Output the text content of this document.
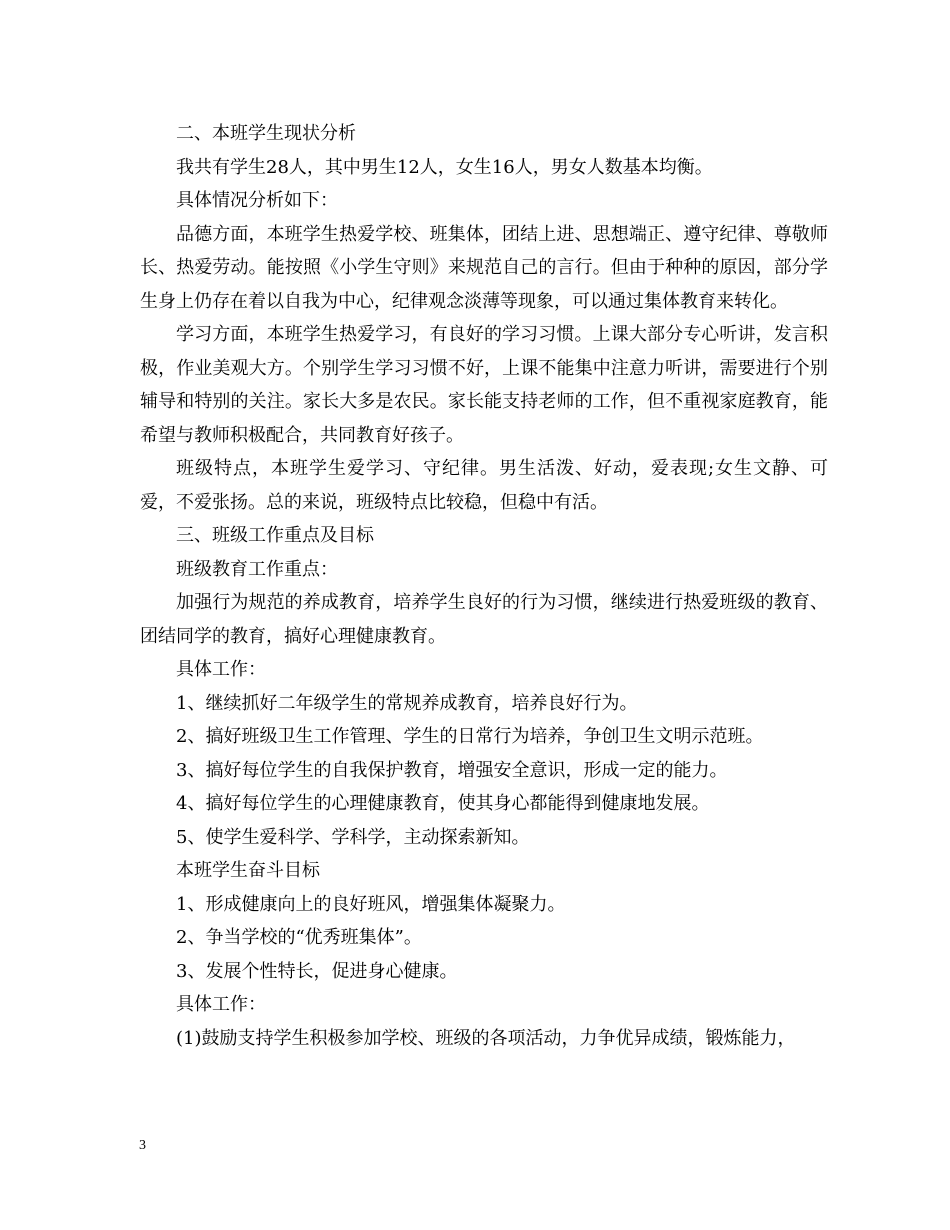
二、本班学生现状分析

我共有学生28人，其中男生12人，女生16人，男女人数基本均衡。

具体情况分析如下：

品德方面，本班学生热爱学校、班集体，团结上进、思想端正、遵守纪律、尊敬师长、热爱劳动。能按照《小学生守则》来规范自己的言行。但由于种种的原因，部分学生身上仍存在着以自我为中心，纪律观念淡薄等现象，可以通过集体教育来转化。

学习方面，本班学生热爱学习，有良好的学习习惯。上课大部分专心听讲，发言积极，作业美观大方。个别学生学习习惯不好，上课不能集中注意力听讲，需要进行个别辅导和特别的关注。家长大多是农民。家长能支持老师的工作，但不重视家庭教育，能希望与教师积极配合，共同教育好孩子。

班级特点，本班学生爱学习、守纪律。男生活泼、好动，爱表现;女生文静、可爱，不爱张扬。总的来说，班级特点比较稳，但稳中有活。

三、班级工作重点及目标

班级教育工作重点：

加强行为规范的养成教育，培养学生良好的行为习惯，继续进行热爱班级的教育、团结同学的教育，搞好心理健康教育。

具体工作：

1、继续抓好二年级学生的常规养成教育，培养良好行为。

2、搞好班级卫生工作管理、学生的日常行为培养，争创卫生文明示范班。

3、搞好每位学生的自我保护教育，增强安全意识，形成一定的能力。

4、搞好每位学生的心理健康教育，使其身心都能得到健康地发展。

5、使学生爱科学、学科学，主动探索新知。

本班学生奋斗目标

1、形成健康向上的良好班风，增强集体凝聚力。

2、争当学校的“优秀班集体”。

3、发展个性特长，促进身心健康。

具体工作：

(1)鼓励支持学生积极参加学校、班级的各项活动，力争优异成绩，锻炼能力，

3
